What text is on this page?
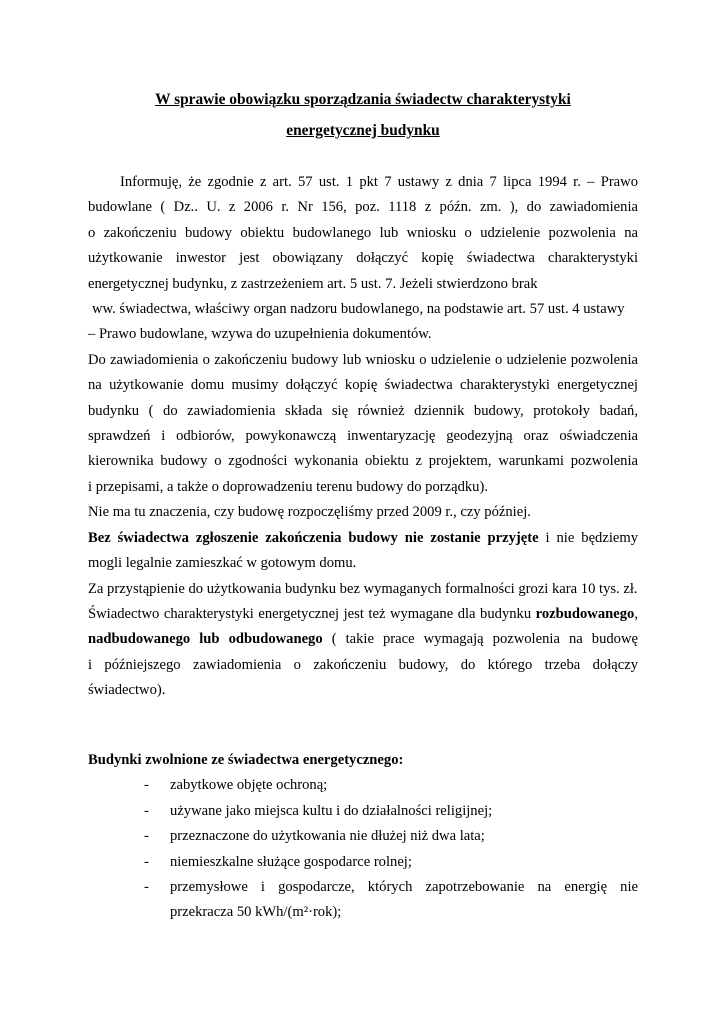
W sprawie obowiązku sporządzania świadectw charakterystyki
energetycznej budynku

Informuję, że zgodnie z art. 57 ust. 1 pkt 7 ustawy z dnia 7 lipca 1994 r. – Prawo
budowlane ( Dz.. U. z 2006 r. Nr 156, poz. 1118 z późn. zm. ), do zawiadomienia
o zakończeniu budowy obiektu budowlanego lub wniosku o udzielenie pozwolenia na
użytkowanie inwestor jest obowiązany dołączyć kopię świadectwa charakterystyki
energetycznej budynku, z zastrzeżeniem art. 5 ust. 7. Jeżeli stwierdzono brak
ww. świadectwa, właściwy organ nadzoru budowlanego, na podstawie art. 57 ust. 4 ustawy
– Prawo budowlane, wzywa do uzupełnienia dokumentów.

Do zawiadomienia o zakończeniu budowy lub wniosku o udzielenie o udzielenie pozwolenia
na użytkowanie domu musimy dołączyć kopię świadectwa charakterystyki energetycznej
budynku ( do zawiadomienia składa się również dziennik budowy, protokoły badań,
sprawdzeń i odbiorów, powykonawczą inwentaryzację geodezyjną oraz oświadczenia
kierownika budowy o zgodności wykonania obiektu z projektem, warunkami pozwolenia
i przepisami, a także o doprowadzeniu terenu budowy do porządku).

Nie ma tu znaczenia, czy budowę rozpoczęliśmy przed 2009 r., czy później.

Bez świadectwa zgłoszenie zakończenia budowy nie zostanie przyjęte i nie będziemy
mogli legalnie zamieszkać w gotowym domu.

Za przystąpienie do użytkowania budynku bez wymaganych formalności grozi kara 10 tys. zł.

Świadectwo charakterystyki energetycznej jest też wymagane dla budynku rozbudowanego,
nadbudowanego lub odbudowanego ( takie prace wymagają pozwolenia na budowę
i późniejszego zawiadomienia o zakończeniu budowy, do którego trzeba dołączy
świadectwo).

Budynki zwolnione ze świadectwa energetycznego:
- zabytkowe objęte ochroną;
- używane jako miejsca kultu i do działalności religijnej;
- przeznaczone do użytkowania nie dłużej niż dwa lata;
- niemieszkalne służące gospodarce rolnej;
- przemysłowe i gospodarcze, których zapotrzebowanie na energię nie
przekracza 50 kWh/(m²·rok);
